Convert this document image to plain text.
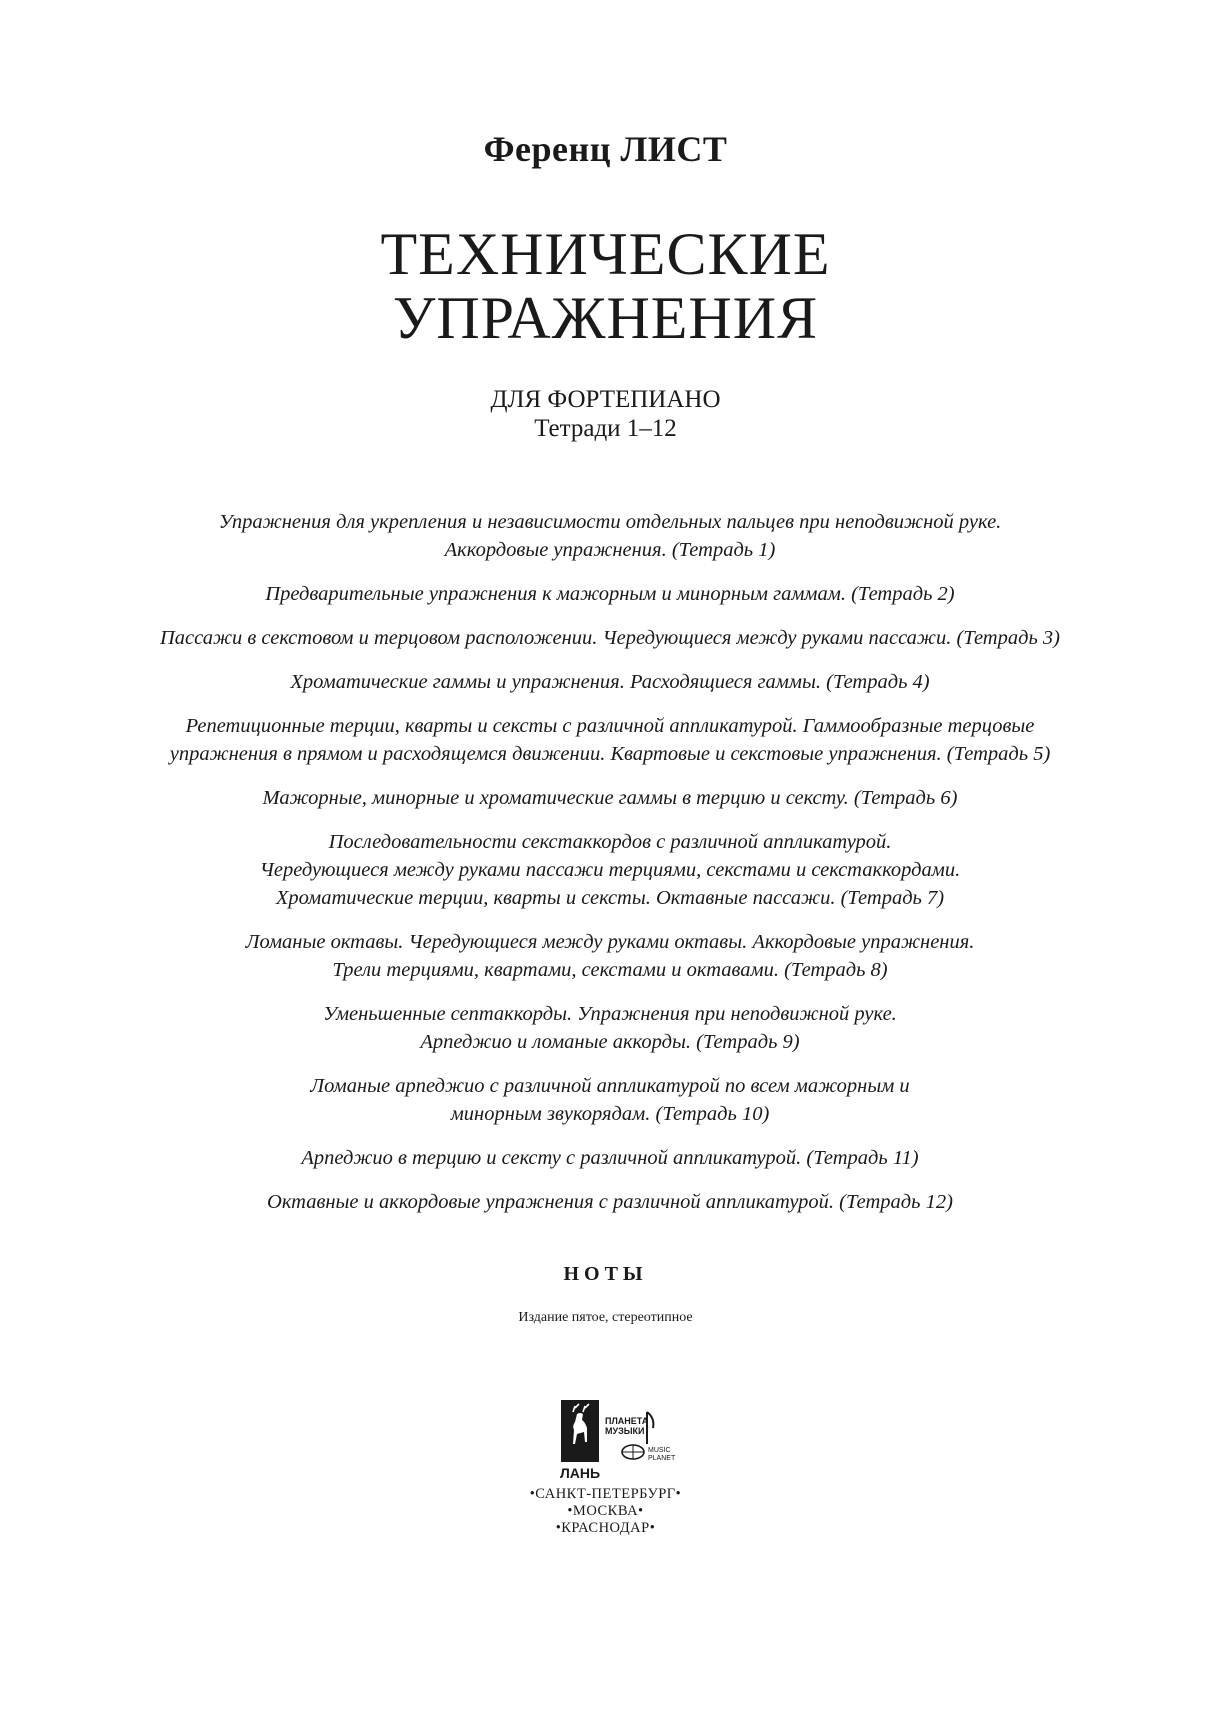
Ференц ЛИСТ
ТЕХНИЧЕСКИЕ
УПРАЖНЕНИЯ
ДЛЯ ФОРТЕПИАНО
Тетради 1–12
Упражнения для укрепления и независимости отдельных пальцев при неподвижной руке.
Аккордовые упражнения. (Тетрадь 1)
Предварительные упражнения к мажорным и минорным гаммам. (Тетрадь 2)
Пассажи в секстовом и терцовом расположении. Чередующиеся между руками пассажи. (Тетрадь 3)
Хроматические гаммы и упражнения. Расходящиеся гаммы. (Тетрадь 4)
Репетиционные терции, кварты и сексты с различной аппликатурой. Гаммообразные терцовые
упражнения в прямом и расходящемся движении. Квартовые и секстовые упражнения. (Тетрадь 5)
Мажорные, минорные и хроматические гаммы в терцию и сексту. (Тетрадь 6)
Последовательности секстаккордов с различной аппликатурой.
Чередующиеся между руками пассажи терциями, секстами и секстаккордами.
Хроматические терции, кварты и сексты. Октавные пассажи. (Тетрадь 7)
Ломаные октавы. Чередующиеся между руками октавы. Аккордовые упражнения.
Трели терциями, квартами, секстами и октавами. (Тетрадь 8)
Уменьшенные септаккорды. Упражнения при неподвижной руке.
Арпеджио и ломаные аккорды. (Тетрадь 9)
Ломаные арпеджио с различной аппликатурой по всем мажорным и
минорным звукорядам. (Тетрадь 10)
Арпеджио в терцию и сексту с различной аппликатурой. (Тетрадь 11)
Октавные и аккордовые упражнения с различной аппликатурой. (Тетрадь 12)
НОТЫ
Издание пятое, стереотипное
ЛАНЬ
ПЛАНЕТА
МУЗЫКИ
MUSIC
PLANET
•САНКТ-ПЕТЕРБУРГ•
•МОСКВА•
•КРАСНОДАР•
